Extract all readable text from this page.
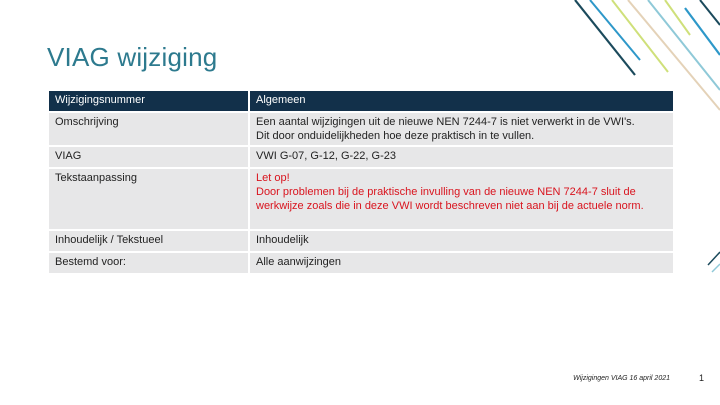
VIAG wijziging
Wijzigingsnummer		Algemeen
Omschrijving		Een aantal wijzigingen uit de nieuwe NEN 7244-7 is niet verwerkt in de VWI's.
Dit door onduidelijkheden hoe deze praktisch in te vullen.

VIAG		VWI G-07, G-12, G-22, G-23
Tekstaanpassing		Let op!
Door problemen bij de praktische invulling van de nieuwe NEN 7244-7 sluit de werkwijze zoals die in deze VWI wordt beschreven niet aan bij de actuele norm.

Inhoudelijk / Tekstueel		Inhoudelijk
Bestemd voor:		Alle aanwijzingen
Wijzigingen VIAG 16 april 2021	1
